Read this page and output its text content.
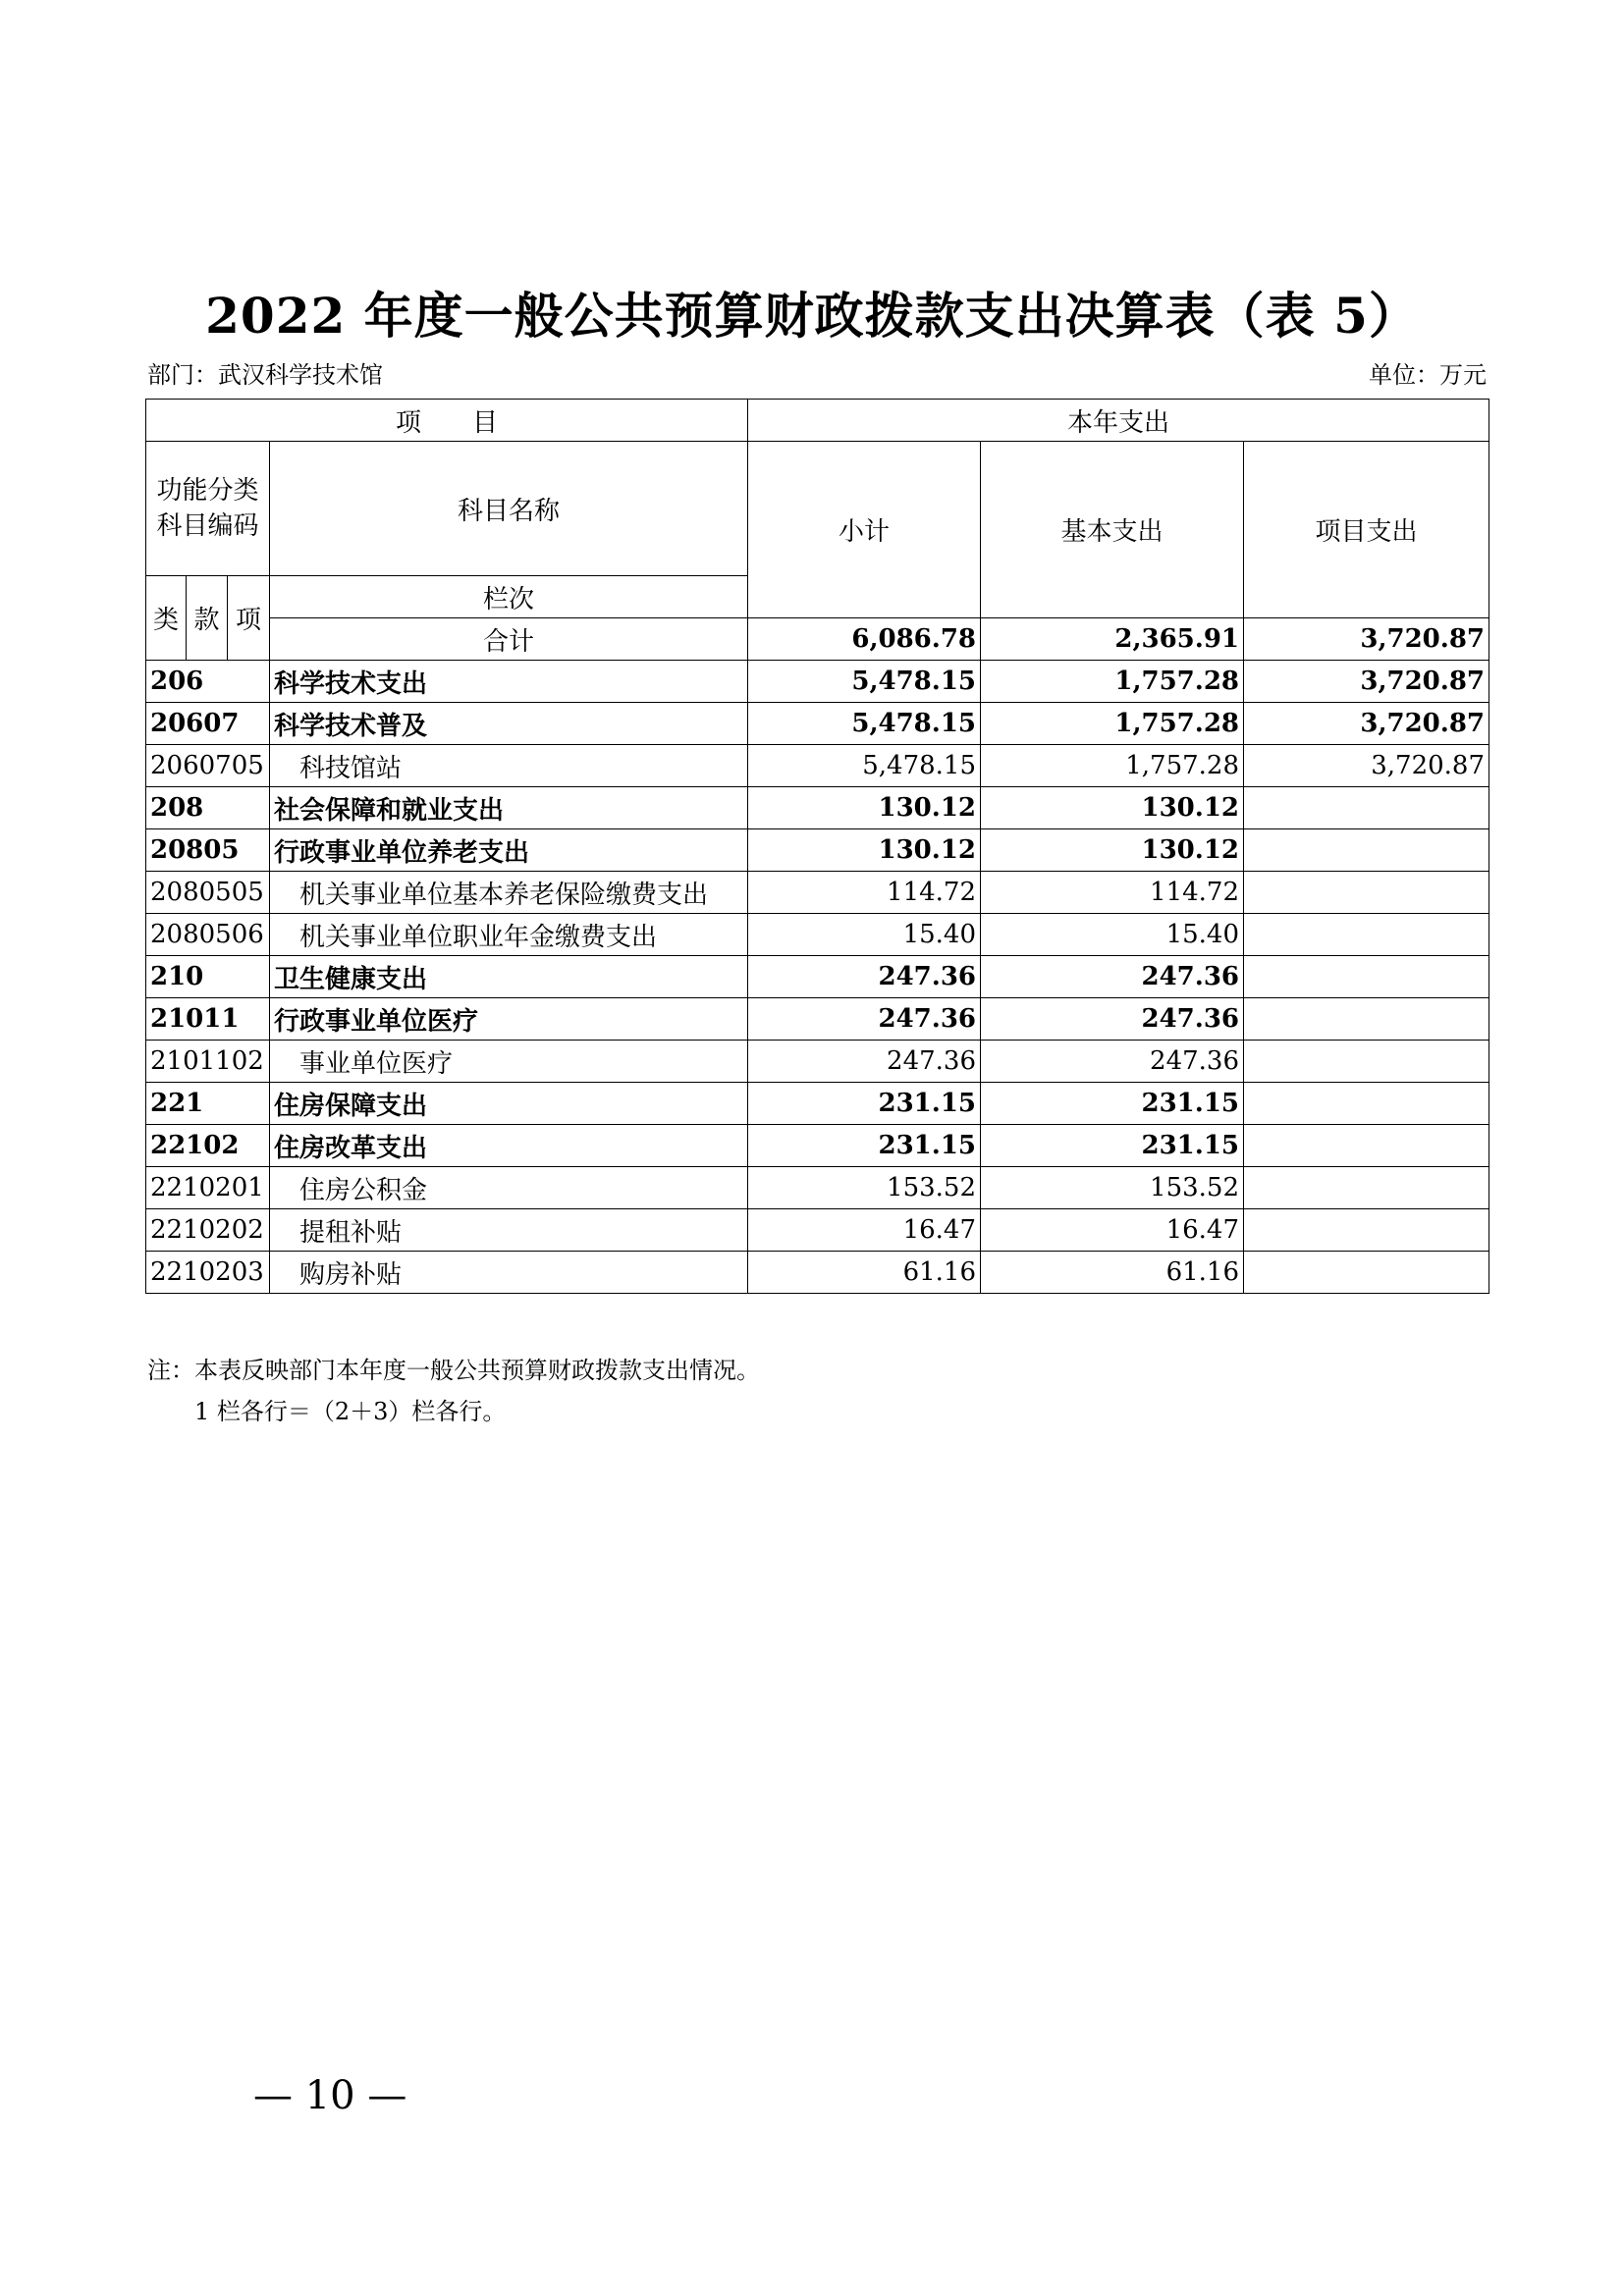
2022 年度一般公共预算财政拨款支出决算表（表 5）
部门：武汉科学技术馆	单位：万元
项　　目				本年支出			
功能分类
科目编码			科目名称	小计	基本支出	项目支出	
类	款	项	栏次			
			合计	6,086.78	2,365.91	3,720.87	
206			科学技术支出	5,478.15	1,757.28	3,720.87	
20607			科学技术普及	5,478.15	1,757.28	3,720.87	
2060705			科技馆站	5,478.15	1,757.28	3,720.87	
208			社会保障和就业支出	130.12	130.12		
20805			行政事业单位养老支出	130.12	130.12		
2080505			机关事业单位基本养老保险缴费支出	114.72	114.72		
2080506			机关事业单位职业年金缴费支出	15.40	15.40		
210			卫生健康支出	247.36	247.36		
21011			行政事业单位医疗	247.36	247.36		
2101102			事业单位医疗	247.36	247.36		
221			住房保障支出	231.15	231.15		
22102			住房改革支出	231.15	231.15		
2210201			住房公积金	153.52	153.52		
2210202			提租补贴	16.47	16.47		
2210203			购房补贴	61.16	61.16		
注：本表反映部门本年度一般公共预算财政拨款支出情况。
1 栏各行＝（2＋3）栏各行。
— 10 —
